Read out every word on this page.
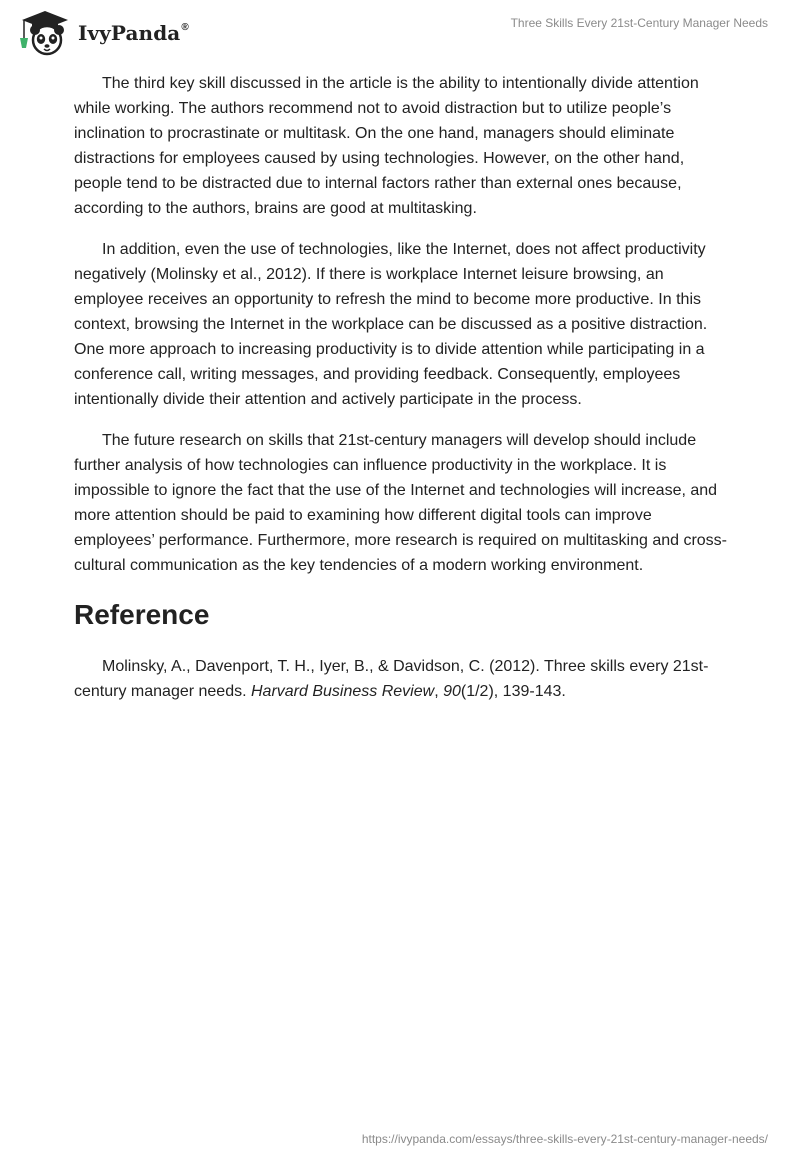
IvyPanda®	Three Skills Every 21st-Century Manager Needs

The third key skill discussed in the article is the ability to intentionally divide attention while working. The authors recommend not to avoid distraction but to utilize people’s inclination to procrastinate or multitask. On the one hand, managers should eliminate distractions for employees caused by using technologies. However, on the other hand, people tend to be distracted due to internal factors rather than external ones because, according to the authors, brains are good at multitasking.

In addition, even the use of technologies, like the Internet, does not affect productivity negatively (Molinsky et al., 2012). If there is workplace Internet leisure browsing, an employee receives an opportunity to refresh the mind to become more productive. In this context, browsing the Internet in the workplace can be discussed as a positive distraction. One more approach to increasing productivity is to divide attention while participating in a conference call, writing messages, and providing feedback. Consequently, employees intentionally divide their attention and actively participate in the process.

The future research on skills that 21st-century managers will develop should include further analysis of how technologies can influence productivity in the workplace. It is impossible to ignore the fact that the use of the Internet and technologies will increase, and more attention should be paid to examining how different digital tools can improve employees’ performance. Furthermore, more research is required on multitasking and cross-cultural communication as the key tendencies of a modern working environment.

Reference

Molinsky, A., Davenport, T. H., Iyer, B., & Davidson, C. (2012). Three skills every 21st-century manager needs. Harvard Business Review, 90(1/2), 139-143.

https://ivypanda.com/essays/three-skills-every-21st-century-manager-needs/
